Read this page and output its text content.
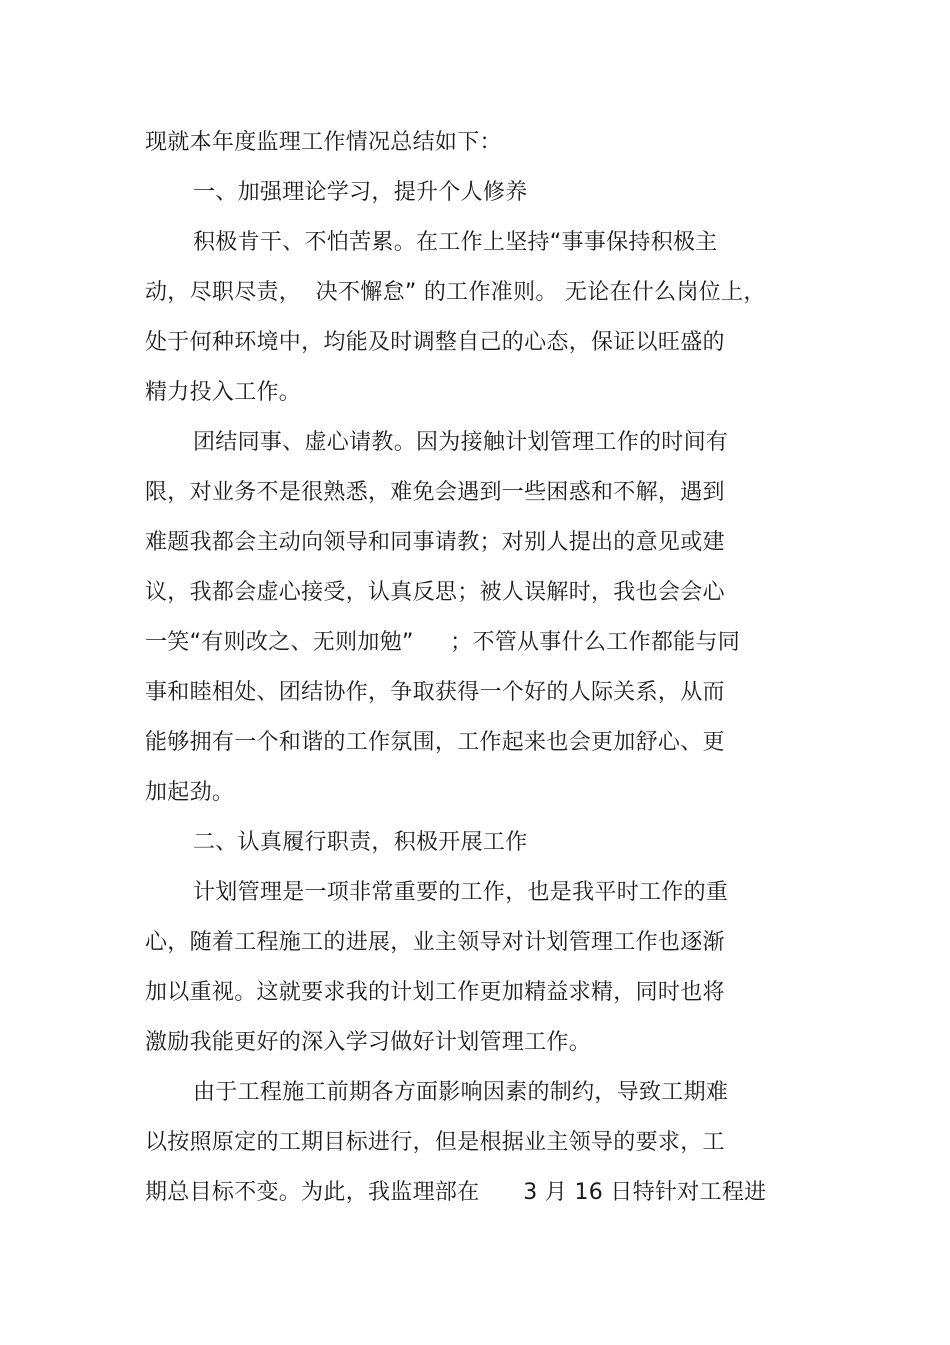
现就本年度监理工作情况总结如下：
一、加强理论学习，提升个人修养
积极肯干、不怕苦累。在工作上坚持“事事保持积极主
动，尽职尽责，  决不懈怠” 的工作准则。 无论在什么岗位上，
处于何种环境中，均能及时调整自己的心态，保证以旺盛的
精力投入工作。
团结同事、虚心请教。因为接触计划管理工作的时间有
限，对业务不是很熟悉，难免会遇到一些困惑和不解，遇到
难题我都会主动向领导和同事请教；对别人提出的意见或建
议，我都会虚心接受，认真反思；被人误解时，我也会会心
一笑“有则改之、无则加勉”     ；不管从事什么工作都能与同
事和睦相处、团结协作，争取获得一个好的人际关系，从而
能够拥有一个和谐的工作氛围，工作起来也会更加舒心、更
加起劲。
二、认真履行职责，积极开展工作
计划管理是一项非常重要的工作，也是我平时工作的重
心，随着工程施工的进展，业主领导对计划管理工作也逐渐
加以重视。这就要求我的计划工作更加精益求精，同时也将
激励我能更好的深入学习做好计划管理工作。
由于工程施工前期各方面影响因素的制约，导致工期难
以按照原定的工期目标进行，但是根据业主领导的要求，工
期总目标不变。为此，我监理部在      3 月 16 日特针对工程进
